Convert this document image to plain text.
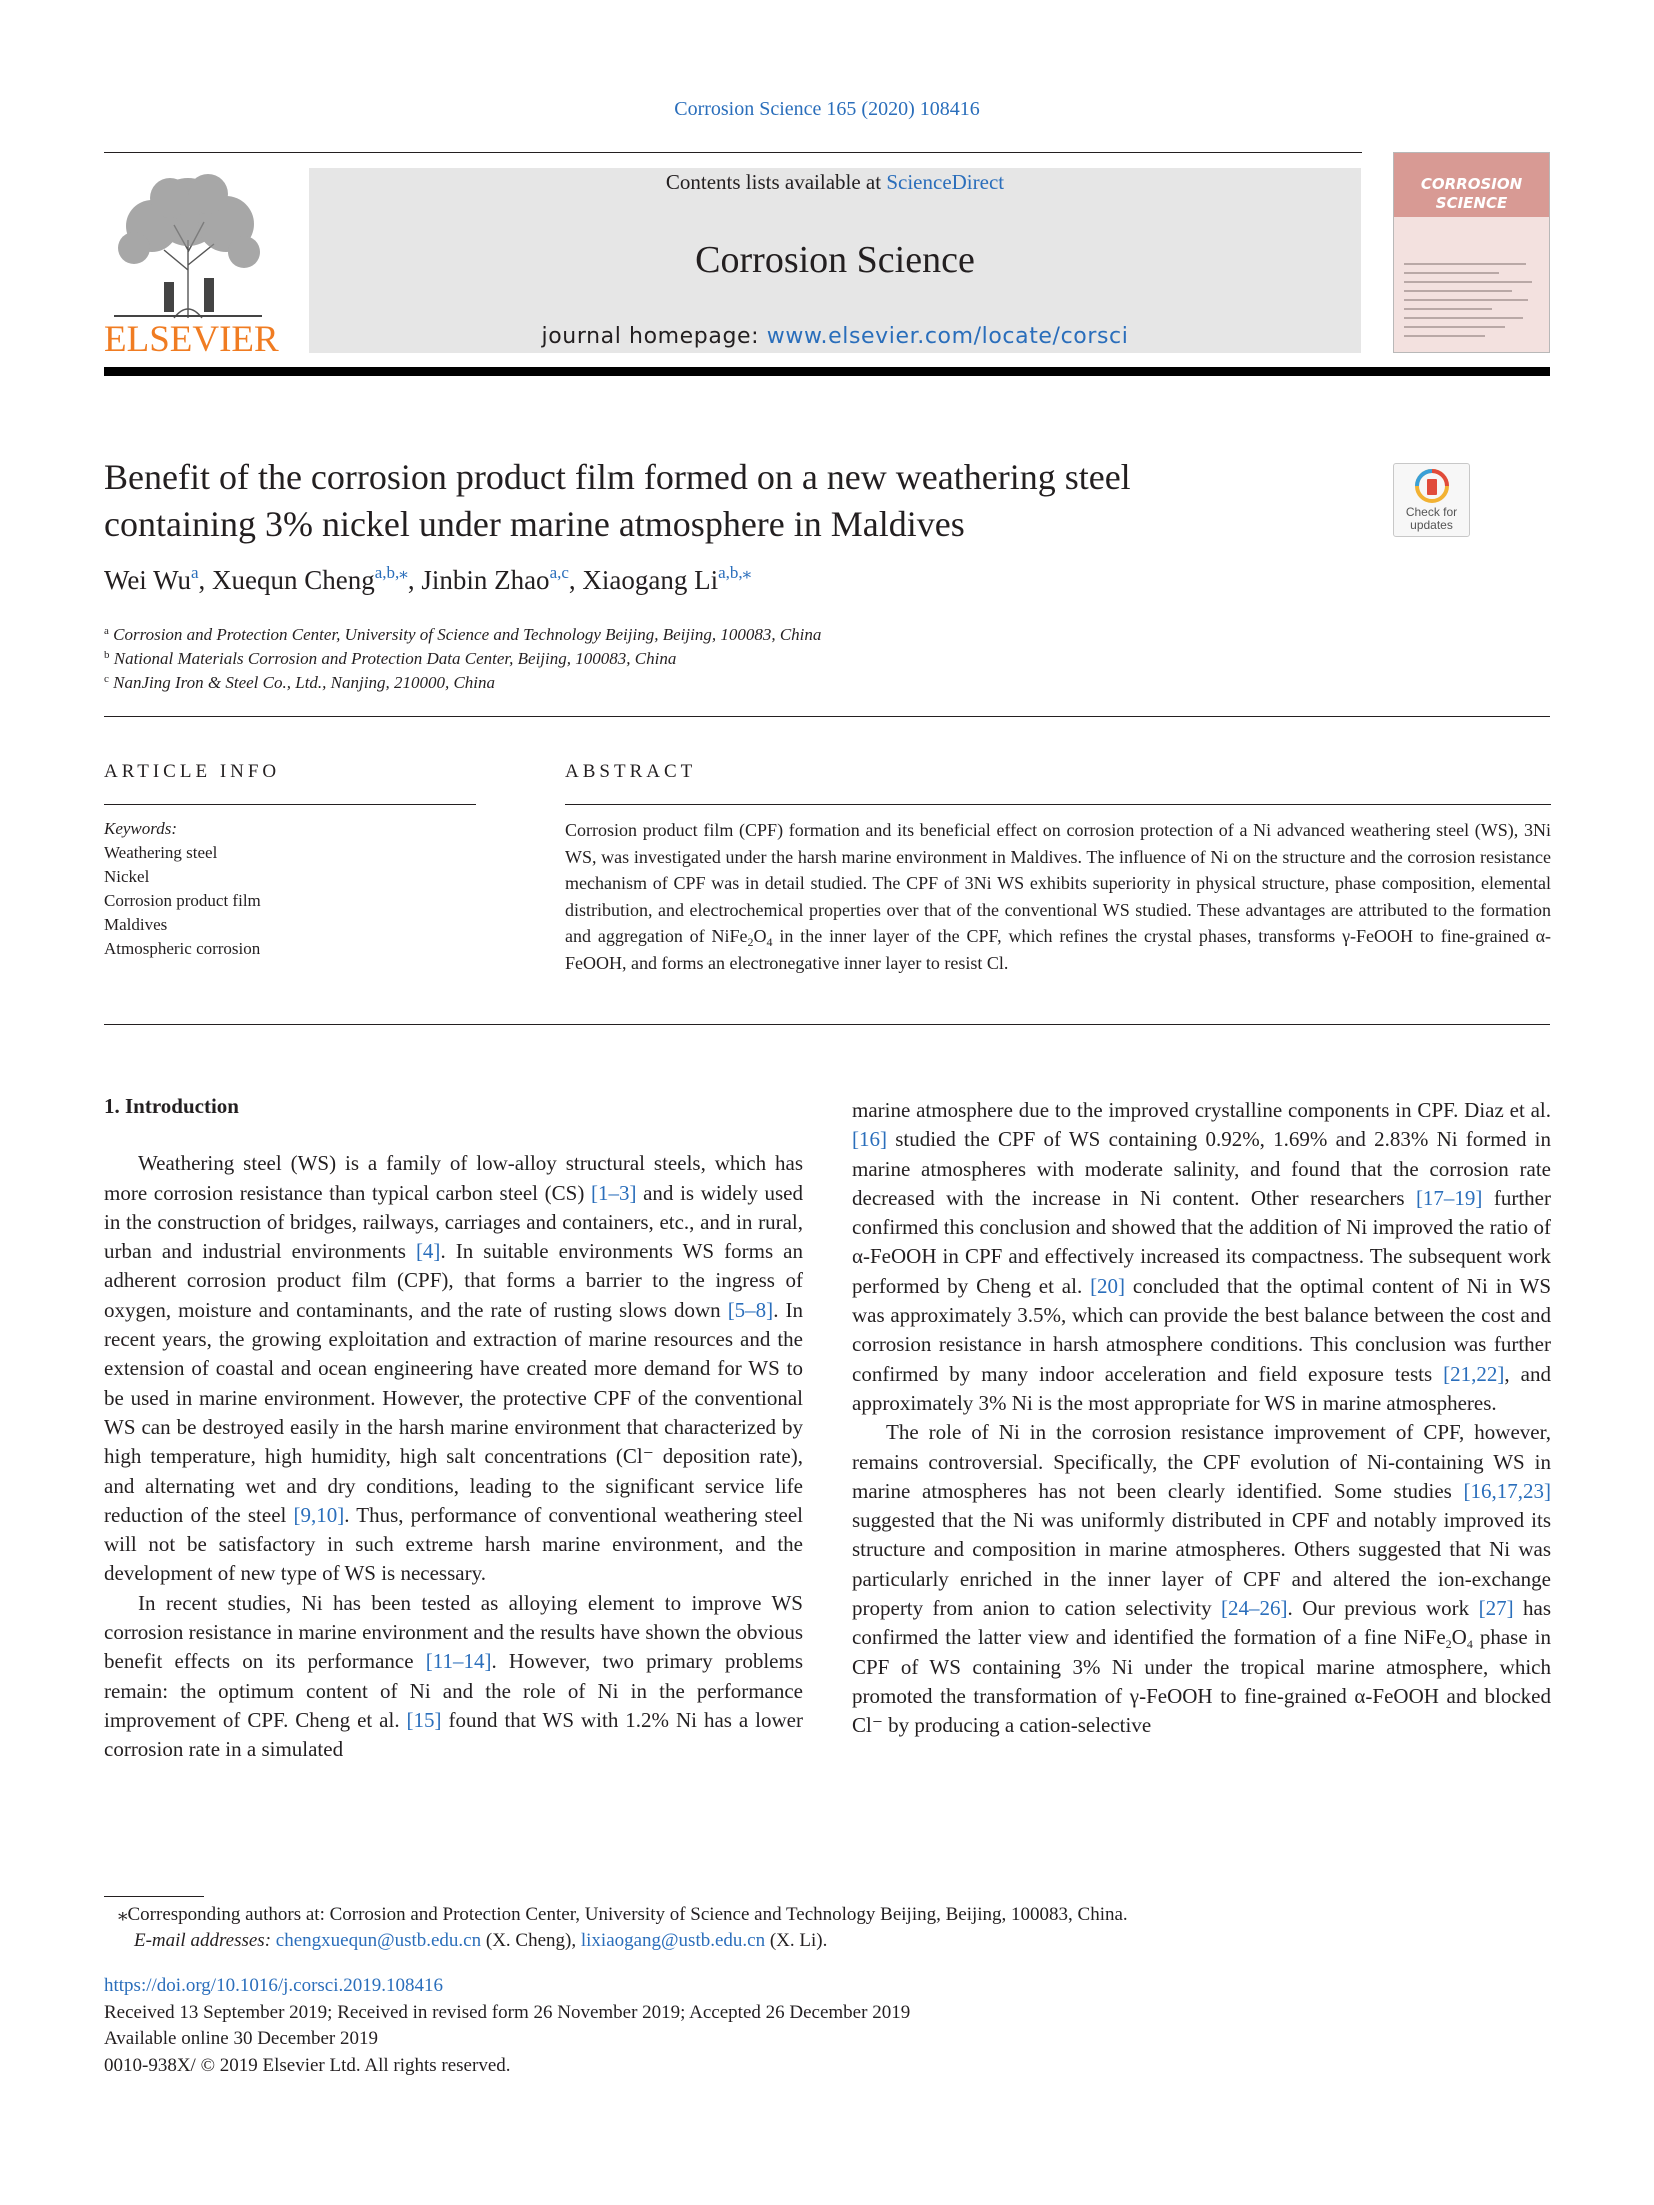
Corrosion Science 165 (2020) 108416
ELSEVIER
Contents lists available at ScienceDirect
Corrosion Science
journal homepage: www.elsevier.com/locate/corsci
CORROSION
SCIENCE
Benefit of the corrosion product film formed on a new weathering steel
containing 3% nickel under marine atmosphere in Maldives	Check for
updates
Wei Wu$^a$, Xuequn Cheng$^{a,b,⁎}$, Jinbin Zhao$^{a,c}$, Xiaogang $Li^{a,b,⁎}$
$^a$ Corrosion and Protection Center, University of Science and Technology Beijing, Beijing, 100083, China
$^b$ National Materials Corrosion and Protection Data Center, Beijing, 100083, China
$^c$ NanJing Iron & Steel Co., Ltd., Nanjing, 210000, China
ARTICLE INFO
Keywords:
Weathering steel
Nickel
Corrosion product film
Maldives
Atmospheric corrosion
ABSTRACT
Corrosion product film (CPF) formation and its beneficial effect on corrosion protection of a Ni advanced weathering steel (WS), 3Ni WS, was investigated under the harsh marine environment in Maldives. The influence of Ni on the structure and the corrosion resistance mechanism of CPF was in detail studied. The CPF of 3Ni WS exhibits superiority in physical structure, phase composition, elemental distribution, and electrochemical properties over that of the conventional WS studied. These advantages are attributed to the formation and aggregation of $NiFe_2O_4$ in the inner layer of the CPF, which refines the crystal phases, transforms γ-FeOOH to fine-grained α-FeOOH, and forms an electronegative inner layer to resist Cl.

1. Introduction

Weathering steel (WS) is a family of low-alloy structural steels, which has more corrosion resistance than typical carbon steel (CS) [1–3] and is widely used in the construction of bridges, railways, carriages and containers, etc., and in rural, urban and industrial environments [4]. In suitable environments WS forms an adherent corrosion product film (CPF), that forms a barrier to the ingress of oxygen, moisture and contaminants, and the rate of rusting slows down [5–8]. In recent years, the growing exploitation and extraction of marine resources and the extension of coastal and ocean engineering have created more demand for WS to be used in marine environment. However, the protective CPF of the conventional WS can be destroyed easily in the harsh marine environment that characterized by high temperature, high humidity, high salt concentrations (Cl⁻ deposition rate), and alternating wet and dry conditions, leading to the significant service life reduction of the steel [9,10]. Thus, performance of conventional weathering steel will not be satisfactory in such extreme harsh marine environment, and the development of new type of WS is necessary.

In recent studies, Ni has been tested as alloying element to improve WS corrosion resistance in marine environment and the results have shown the obvious benefit effects on its performance [11–14]. However, two primary problems remain: the optimum content of Ni and the role of Ni in the performance improvement of CPF. Cheng et al. [15] found that WS with 1.2% Ni has a lower corrosion rate in a simulated

marine atmosphere due to the improved crystalline components in CPF. Diaz et al. [16] studied the CPF of WS containing 0.92%, 1.69% and 2.83% Ni formed in marine atmospheres with moderate salinity, and found that the corrosion rate decreased with the increase in Ni content. Other researchers [17–19] further confirmed this conclusion and showed that the addition of Ni improved the ratio of α-FeOOH in CPF and effectively increased its compactness. The subsequent work performed by Cheng et al. [20] concluded that the optimal content of Ni in WS was approximately 3.5%, which can provide the best balance between the cost and corrosion resistance in harsh atmosphere conditions. This conclusion was further confirmed by many indoor acceleration and field exposure tests [21,22], and approximately 3% Ni is the most appropriate for WS in marine atmospheres.

The role of Ni in the corrosion resistance improvement of CPF, however, remains controversial. Specifically, the CPF evolution of Ni-containing WS in marine atmospheres has not been clearly identified. Some studies [16,17,23] suggested that the Ni was uniformly distributed in CPF and notably improved its structure and composition in marine atmospheres. Others suggested that Ni was particularly enriched in the inner layer of CPF and altered the ion-exchange property from anion to cation selectivity [24–26]. Our previous work [27] has confirmed the latter view and identified the formation of a fine $NiFe_2O_4$ phase in CPF of WS containing 3% Ni under the tropical marine atmosphere, which promoted the transformation of γ-FeOOH to fine-grained α-FeOOH and blocked Cl⁻ by producing a cation-selective

⁎Corresponding authors at: Corrosion and Protection Center, University of Science and Technology Beijing, Beijing, 100083, China.
E-mail addresses: chengxuequn@ustb.edu.cn (X. Cheng), lixiaogang@ustb.edu.cn (X. Li).
https://doi.org/10.1016/j.corsci.2019.108416
Received 13 September 2019; Received in revised form 26 November 2019; Accepted 26 December 2019
Available online 30 December 2019
0010-938X/ © 2019 Elsevier Ltd. All rights reserved.
